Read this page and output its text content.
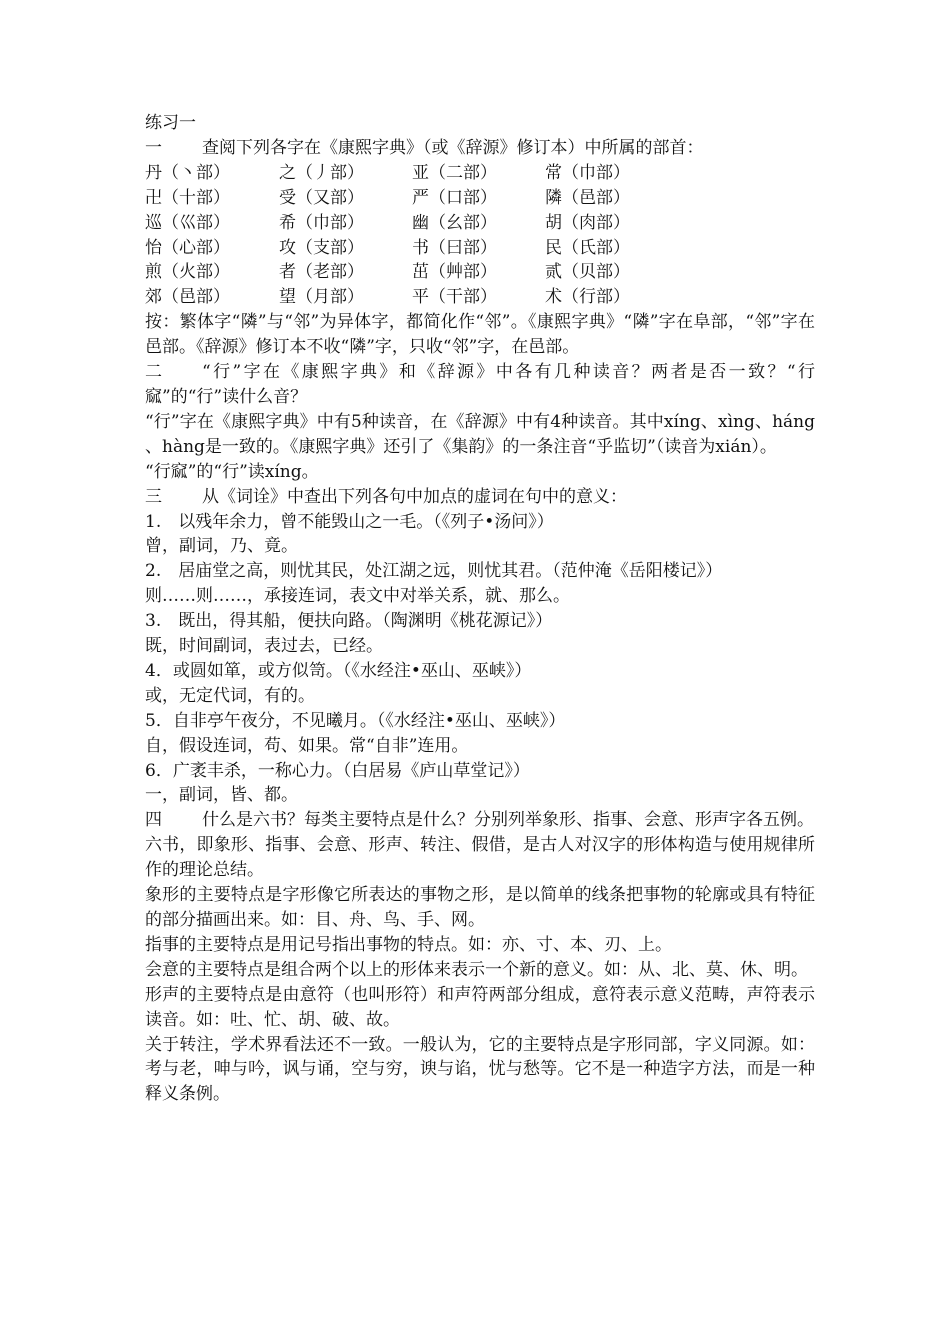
练习一
一 查阅下列各字在《康熙字典》（或《辞源》修订本）中所属的部首：
丹（丶部）	之（丿部）	亚（二部）	常（巾部）
卍（十部）	受（又部）	严（口部）	隣（邑部）
巡（巛部）	希（巾部）	幽（幺部）	胡（肉部）
怡（心部）	攻（支部）	书（曰部）	民（氏部）
煎（火部）	者（老部）	茁（艸部）	贰（贝部）
郊（邑部）	望（月部）	平（干部）	术（行部）
按：繁体字“隣”与“邻”为异体字，都简化作“邻”。《康熙字典》“隣”字在阜部，“邻”字在邑部。《辞源》修订本不收“隣”字，只收“邻”字，在邑部。
二 “行”字在《康熙字典》和《辞源》中各有几种读音？两者是否一致？“行窳”的“行”读什么音？
“行”字在《康熙字典》中有5种读音，在《辞源》中有4种读音。其中xíng、xìng、háng 、hàng是一致的。《康熙字典》还引了《集韵》的一条注音“乎监切”（读音为xián）。
“行窳”的“行”读xíng。
三 从《词诠》中查出下列各句中加点的虚词在句中的意义：
1.　以残年余力，曾不能毁山之一毛。（《列子•汤问》）
曾，副词，乃、竟。
2.　居庙堂之高，则忧其民，处江湖之远，则忧其君。（范仲淹《岳阳楼记》）
则……则……，承接连词，表文中对举关系，就、那么。
3.　既出，得其船，便扶向路。（陶渊明《桃花源记》）
既，时间副词，表过去，已经。
4．或圆如箪，或方似笥。（《水经注•巫山、巫峡》）
或，无定代词，有的。
5．自非亭午夜分，不见曦月。（《水经注•巫山、巫峡》）
自，假设连词，苟、如果。常“自非”连用。
6．广袤丰杀，一称心力。（白居易《庐山草堂记》）
一，副词，皆、都。
四 什么是六书？每类主要特点是什么？分别列举象形、指事、会意、形声字各五例。
六书，即象形、指事、会意、形声、转注、假借，是古人对汉字的形体构造与使用规律所作的理论总结。
象形的主要特点是字形像它所表达的事物之形，是以简单的线条把事物的轮廓或具有特征的部分描画出来。如：目、舟、鸟、手、网。
指事的主要特点是用记号指出事物的特点。如：亦、寸、本、刃、上。
会意的主要特点是组合两个以上的形体来表示一个新的意义。如：从、北、莫、休、明。
形声的主要特点是由意符（也叫形符）和声符两部分组成，意符表示意义范畴，声符表示读音。如：吐、忙、胡、破、故。
关于转注，学术界看法还不一致。一般认为，它的主要特点是字形同部，字义同源。如：考与老，呻与吟，讽与诵，空与穷，谀与谄，忧与愁等。它不是一种造字方法，而是一种释义条例。
